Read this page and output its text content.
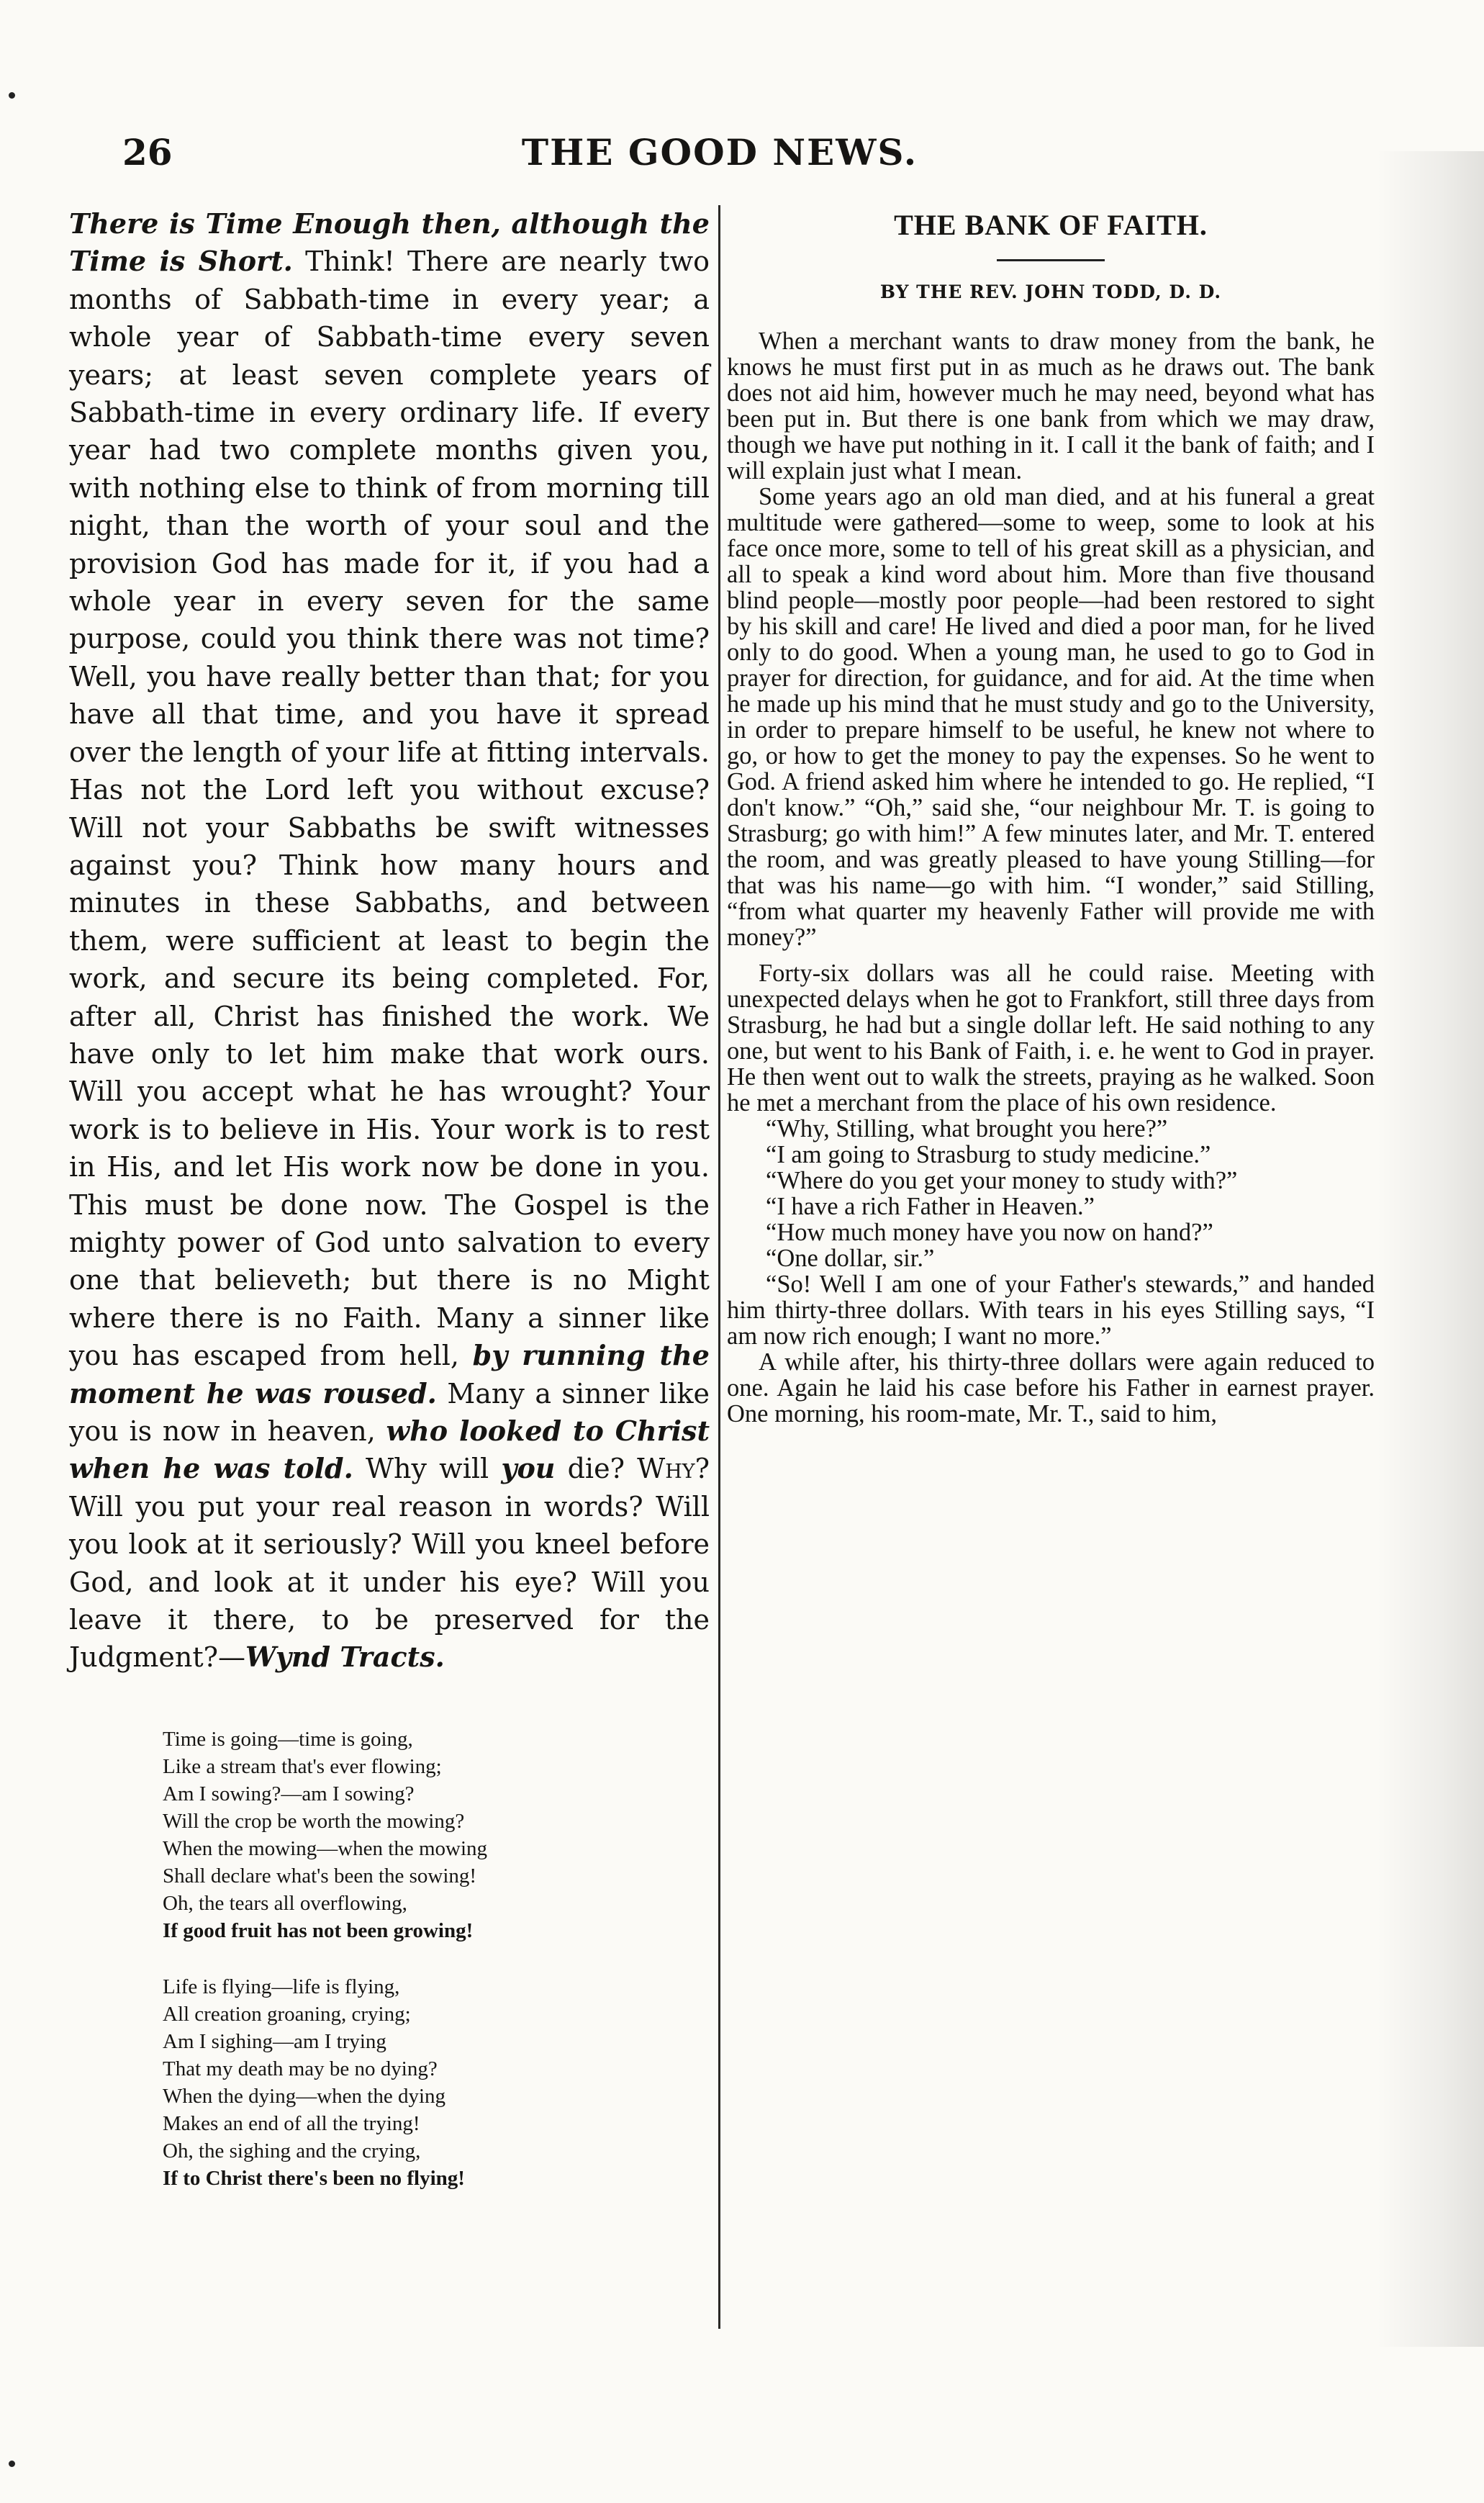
26	THE GOOD NEWS.

There is Time Enough then, although the Time is Short. Think! There are nearly two months of Sabbath-time in every year; a whole year of Sabbath-time every seven years; at least seven complete years of Sabbath-time in every ordinary life. If every year had two complete months given you, with nothing else to think of from morning till night, than the worth of your soul and the provision God has made for it, if you had a whole year in every seven for the same purpose, could you think there was not time? Well, you have really better than that; for you have all that time, and you have it spread over the length of your life at fitting intervals. Has not the Lord left you without excuse? Will not your Sabbaths be swift witnesses against you? Think how many hours and minutes in these Sabbaths, and between them, were sufficient at least to begin the work, and secure its being completed. For, after all, Christ has finished the work. We have only to let him make that work ours. Will you accept what he has wrought? Your work is to believe in His. Your work is to rest in His, and let His work now be done in you. This must be done now. The Gospel is the mighty power of God unto salvation to every one that believeth; but there is no Might where there is no Faith. Many a sinner like you has escaped from hell, by running the moment he was roused. Many a sinner like you is now in heaven, who looked to Christ when he was told. Why will you die? Why? Will you put your real reason in words? Will you look at it seriously? Will you kneel before God, and look at it under his eye? Will you leave it there, to be preserved for the Judgment?—Wynd Tracts.

Time is going—time is going,
Like a stream that's ever flowing;
Am I sowing?—am I sowing?
Will the crop be worth the mowing?
When the mowing—when the mowing
Shall declare what's been the sowing!
Oh, the tears all overflowing,
If good fruit has not been growing!
Life is flying—life is flying,
All creation groaning, crying;
Am I sighing—am I trying
That my death may be no dying?
When the dying—when the dying
Makes an end of all the trying!
Oh, the sighing and the crying,
If to Christ there's been no flying!
THE BANK OF FAITH.
BY THE REV. JOHN TODD, D. D.

When a merchant wants to draw money from the bank, he knows he must first put in as much as he draws out. The bank does not aid him, however much he may need, beyond what has been put in. But there is one bank from which we may draw, though we have put nothing in it. I call it the bank of faith; and I will explain just what I mean.

Some years ago an old man died, and at his funeral a great multitude were gathered—some to weep, some to look at his face once more, some to tell of his great skill as a physician, and all to speak a kind word about him. More than five thousand blind people—mostly poor people—had been restored to sight by his skill and care! He lived and died a poor man, for he lived only to do good. When a young man, he used to go to God in prayer for direction, for guidance, and for aid. At the time when he made up his mind that he must study and go to the University, in order to prepare himself to be useful, he knew not where to go, or how to get the money to pay the expenses. So he went to God. A friend asked him where he intended to go. He replied, “I don't know.” “Oh,” said she, “our neighbour Mr. T. is going to Strasburg; go with him!” A few minutes later, and Mr. T. entered the room, and was greatly pleased to have young Stilling—for that was his name—go with him. “I wonder,” said Stilling, “from what quarter my heavenly Father will provide me with money?”

Forty-six dollars was all he could raise. Meeting with unexpected delays when he got to Frankfort, still three days from Strasburg, he had but a single dollar left. He said nothing to any one, but went to his Bank of Faith, i. e. he went to God in prayer. He then went out to walk the streets, praying as he walked. Soon he met a merchant from the place of his own residence.

“Why, Stilling, what brought you here?”

“I am going to Strasburg to study medicine.”

“Where do you get your money to study with?”

“I have a rich Father in Heaven.”

“How much money have you now on hand?”

“One dollar, sir.”

“So! Well I am one of your Father's stewards,” and handed him thirty-three dollars. With tears in his eyes Stilling says, “I am now rich enough; I want no more.”

A while after, his thirty-three dollars were again reduced to one. Again he laid his case before his Father in earnest prayer. One morning, his room-mate, Mr. T., said to him,
